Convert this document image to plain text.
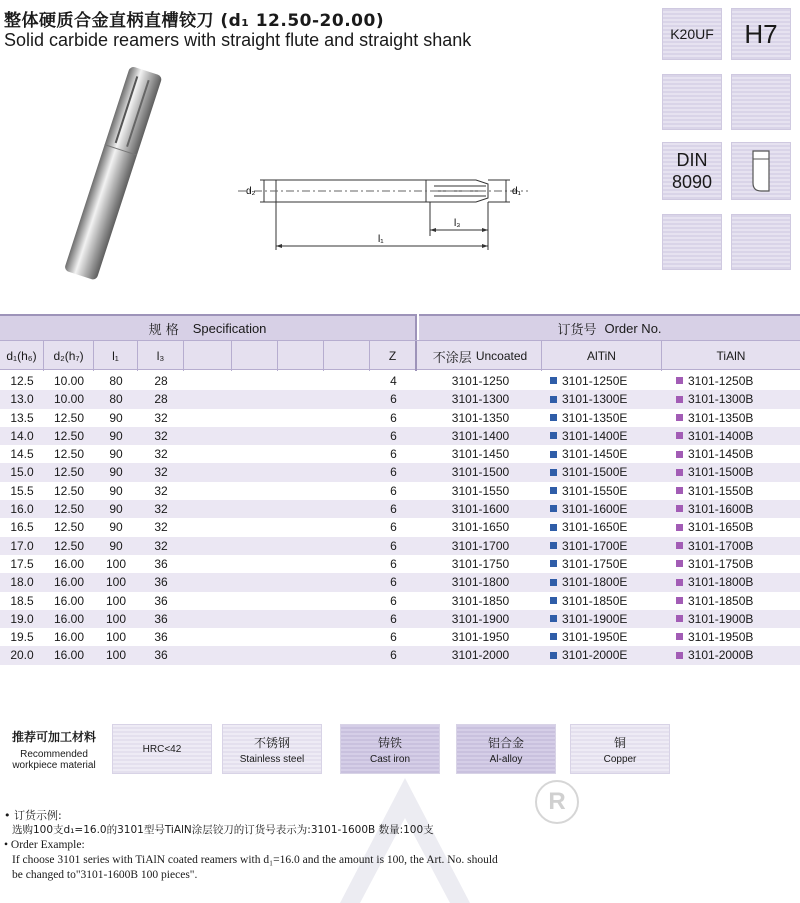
整体硬质合金直柄直槽铰刀 (d₁ 12.50-20.00)
Solid carbide reamers with straight flute and straight shank	K20UF H7
DIN
8090
d₂	d₁
l₃
l₁
规 格 Specification	订货号 Order No.
d₁(h₆)	d₂(h₇)	l₁	l₃	Z	不涂层 Uncoated	AlTiN	TiAlN
12.5	10.00	80	28	4	3101-1250	3101-1250E	3101-1250B
13.0	10.00	80	28	6	3101-1300	3101-1300E	3101-1300B
13.5	12.50	90	32	6	3101-1350	3101-1350E	3101-1350B
14.0	12.50	90	32	6	3101-1400	3101-1400E	3101-1400B
14.5	12.50	90	32	6	3101-1450	3101-1450E	3101-1450B
15.0	12.50	90	32	6	3101-1500	3101-1500E	3101-1500B
15.5	12.50	90	32	6	3101-1550	3101-1550E	3101-1550B
16.0	12.50	90	32	6	3101-1600	3101-1600E	3101-1600B
16.5	12.50	90	32	6	3101-1650	3101-1650E	3101-1650B
17.0	12.50	90	32	6	3101-1700	3101-1700E	3101-1700B
17.5	16.00	100	36	6	3101-1750	3101-1750E	3101-1750B
18.0	16.00	100	36	6	3101-1800	3101-1800E	3101-1800B
18.5	16.00	100	36	6	3101-1850	3101-1850E	3101-1850B
19.0	16.00	100	36	6	3101-1900	3101-1900E	3101-1900B
19.5	16.00	100	36	6	3101-1950	3101-1950E	3101-1950B
20.0	16.00	100	36	6	3101-2000	3101-2000E	3101-2000B
推荐可加工材料
Recommended
workpiece material
HRC<42	不锈钢
Stainless steel
铸铁
Cast iron
铝合金
Al-alloy
铜
Copper
R
• 订货示例:
选购100支d₁=16.0的3101型号TiAlN涂层铰刀的订货号表示为:3101-1600B 数量:100支
• Order Example:
If choose 3101 series with TiAlN coated reamers with d₁=16.0 and the amount is 100, the Art. No. should
be changed to"3101-1600B 100 pieces".
